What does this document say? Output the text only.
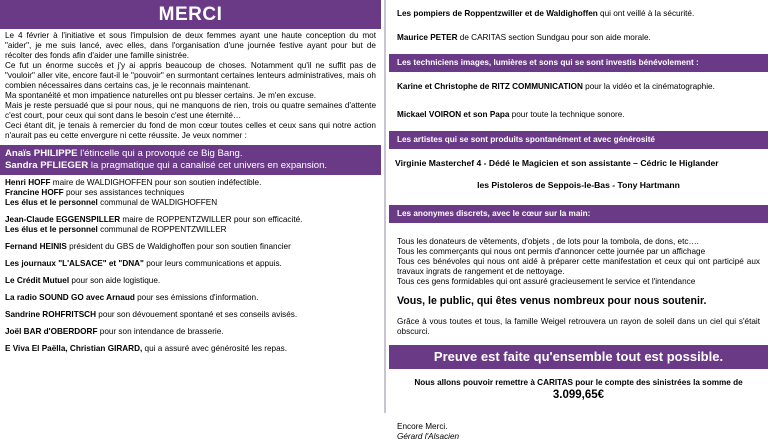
MERCI

Le 4 février à l'initiative et sous l'impulsion de deux femmes ayant une haute conception du mot "aider", je me suis lancé, avec elles, dans l'organisation d'une journée festive ayant pour but de récolter des fonds afin d'aider une famille sinistrée.

Ce fut un énorme succès et j'y ai appris beaucoup de choses. Notamment qu'il ne suffit pas de "vouloir" aller vite, encore faut-il le "pouvoir" en surmontant certaines lenteurs administratives, mais oh combien nécessaires dans certains cas, je le reconnais maintenant.

Ma spontanéité et mon impatience naturelles ont pu blesser certains. Je m'en excuse.

Mais je reste persuadé que si pour nous, qui ne manquons de rien, trois ou quatre semaines d'attente c'est court, pour ceux qui sont dans le besoin c'est une éternité…

Ceci étant dit, je tenais à remercier du fond de mon cœur toutes celles et ceux sans qui notre action n'aurait pas eu cette envergure ni cette réussite. Je veux nommer :

Anaïs PHILIPPE l'étincelle qui a provoqué ce Big Bang.
Sandra PFLIEGER la pragmatique qui a canalisé cet univers en expansion.
Henri HOFF maire de WALDIGHOFFEN pour son soutien indéfectible.
Francine HOFF pour ses assistances techniques
Les élus et le personnel communal de WALDIGHOFFEN
Jean-Claude EGGENSPILLER maire de ROPPENTZWILLER pour son efficacité.
Les élus et le personnel communal de ROPPENTZWILLER
Fernand HEINIS président du GBS de Waldighoffen pour son soutien financier
Les journaux "L'ALSACE" et "DNA" pour leurs communications et appuis.
Le Crédit Mutuel pour son aide logistique.
La radio SOUND GO avec Arnaud pour ses émissions d'information.
Sandrine ROHFRITSCH pour son dévouement spontané et ses conseils avisés.
Joël BAR d'OBERDORF pour son intendance de brasserie.
E Viva El Paëlla, Christian GIRARD, qui a assuré avec générosité les repas.
Les pompiers de Roppentzwiller et de Waldighoffen qui ont veillé à la sécurité.
Maurice PETER de CARITAS section Sundgau pour son aide morale.
Les techniciens images, lumières et sons qui se sont investis bénévolement :
Karine et Christophe de RITZ COMMUNICATION pour la vidéo et la cinématographie.
Mickael VOIRON et son Papa pour toute la technique sonore.
Les artistes qui se sont produits spontanément et avec générosité
Virginie Masterchef 4 - Dédé le Magicien et son assistante – Cédric le Higlander
les Pistoleros de Seppois-le-Bas - Tony Hartmann
Les anonymes discrets, avec le cœur sur la main:

Tous les donateurs de vêtements, d'objets , de lots pour la tombola, de dons, etc….

Tous les commerçants qui nous ont permis d'annoncer cette journée par un affichage

Tous ces bénévoles qui nous ont aidé à préparer cette manifestation et ceux qui ont participé aux travaux ingrats de rangement et de nettoyage.

Tous ces gens formidables qui ont assuré gracieusement le service et l'intendance

Vous, le public, qui êtes venus nombreux pour nous soutenir.
Grâce à vous toutes et tous, la famille Weigel retrouvera un rayon de soleil dans un ciel qui s'était obscurci.
Preuve est faite qu'ensemble tout est possible.
Nous allons pouvoir remettre à CARITAS pour le compte des sinistrées la somme de 3.099,65€
Encore Merci.
Gérard l'Alsacien
